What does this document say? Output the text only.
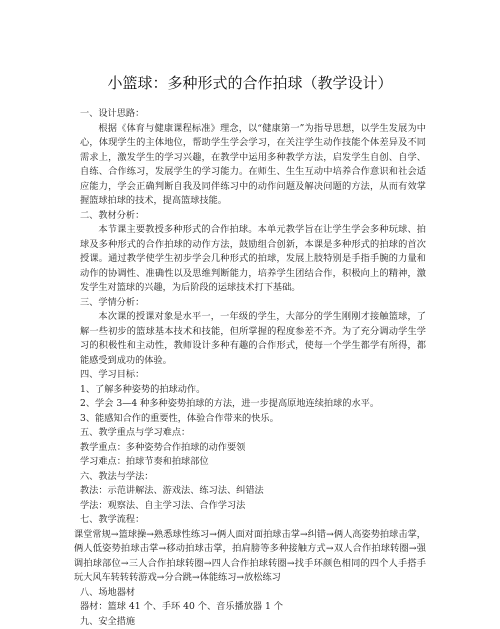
小篮球：多种形式的合作拍球（教学设计）

一、设计思路：

根据《体育与健康课程标准》理念，以“健康第一”为指导思想，以学生发展为中心，体现学生的主体地位，帮助学生学会学习，在关注学生动作技能个体差异及不同需求上，激发学生的学习兴趣，在教学中运用多种教学方法，启发学生自创、自学、自练、合作练习，发展学生的学习能力。在师生、生生互动中培养合作意识和社会适应能力，学会正确判断自我及同伴练习中的动作问题及解决问题的方法，从而有效掌握篮球拍球的技术，提高篮球技能。

二、教材分析：

本节课主要教授多种形式的合作拍球。本单元教学旨在让学生学会多种玩球、拍球及多种形式的合作拍球的动作方法，鼓励组合创新，本课是多种形式的拍球的首次授课。通过教学使学生初步学会几种形式的拍球，发展上肢特别是手指手腕的力量和动作的协调性、准确性以及思维判断能力，培养学生团结合作，积极向上的精神，激发学生对篮球的兴趣，为后阶段的运球技术打下基础。

三、学情分析：

本次课的授课对象是水平一，一年级的学生，大部分的学生刚刚才接触篮球，了解一些初步的篮球基本技术和技能，但所掌握的程度参差不齐。为了充分调动学生学习的积极性和主动性，教师设计多种有趣的合作形式，使每一个学生都学有所得，都能感受到成功的体验。

四、学习目标：

1、了解多种姿势的拍球动作。

2、学会 3—4 种多种姿势拍球的方法，进一步提高原地连续拍球的水平。

3、能感知合作的重要性，体验合作带来的快乐。

五、教学重点与学习难点：

教学重点：多种姿势合作拍球的动作要领

学习难点：拍球节奏和拍球部位

六、教法与学法：

教法：示范讲解法、游戏法、练习法、纠错法

学法：观察法、自主学习法、合作学习法

七、教学流程：

课堂常规→篮球操→熟悉球性练习→俩人面对面拍球击掌→纠错→俩人高姿势拍球击掌，俩人低姿势拍球击掌→移动拍球击掌，拍肩膀等多种接触方式→双人合作拍球转圈→强调拍球部位→三人合作拍球转圈→四人合作拍球转圈→找手环颜色相同的四个人手搭手玩大风车转转转游戏→分合跳→体能练习→放松练习

八、场地器材

器材：篮球 41 个、手环 40 个、音乐播放器 1 个

九、安全措施
